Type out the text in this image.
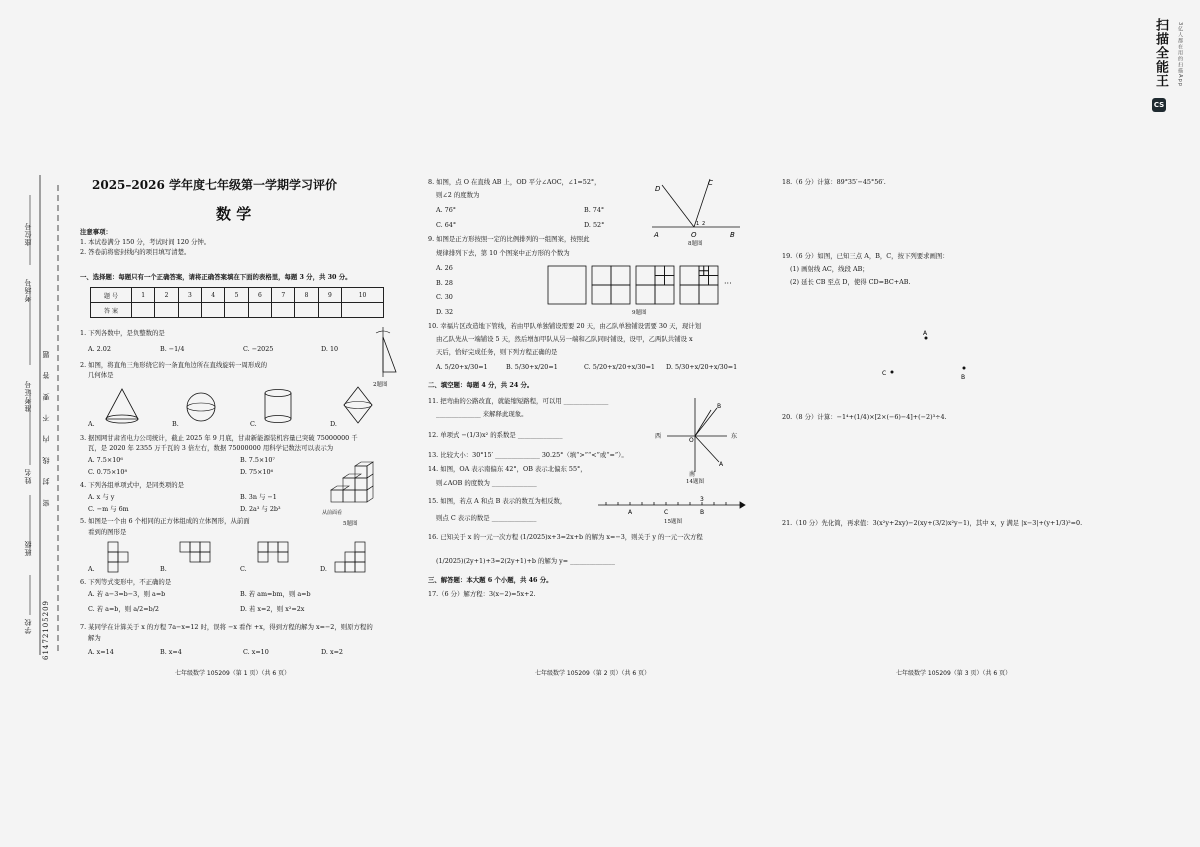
CS
扫描全能王 3亿人都在用的扫描App
座位号
考场号
准考证号
姓名
班级
学校
密 封 线 内 不 要 答 题
61472105209
2025–2026 学年度七年级第一学期学习评价
数 学
注意事项：
1. 本试卷满分 150 分，考试时间 120 分钟。
2. 答卷前将密封线内的项目填写清楚。
一、选择题：每题只有一个正确答案，请将正确答案填在下面的表格里，每题 3 分，共 30 分。
题 号	1	2	3	4	5	6	7	8	9	10
答 案										
1. 下列各数中，是负整数的是
A. 2.02	B. −1/4	C. −2025	D. 10
2. 如图，将直角三角形绕它的一条直角边所在直线旋转一周形成的
几何体是
2题图
A.	B.	C.	D.
3. 据国网甘肃省电力公司统计，截止 2025 年 9 月底，甘肃新能源装机容量已突破 75000000 千
瓦，是 2020 年 2355 万千瓦的 3 倍左右，数据 75000000 用科学记数法可以表示为
A. 7.5×10⁶	B. 7.5×10⁷
C. 0.75×10⁸	D. 75×10⁶
4. 下列各组单项式中，是同类项的是
A. x 与 y	B. 3n 与 −1
C. −m 与 6m	D. 2a³ 与 2b³	从前面看
5题图
5. 如图是一个由 6 个相同的正方体组成的立体图形，从前面
看到的图形是
A.	B.	C.	D.
6. 下列等式变形中，不正确的是
A. 若 a−3=b−3，则 a=b	B. 若 am=bm，则 a=b
C. 若 a=b，则 a/2=b/2	D. 若 x=2，则 x²=2x
7. 某同学在计算关于 x 的方程 7a−x=12 时，误将 −x 看作 +x，得到方程的解为 x=−2，则原方程的
解为
A. x=14	B. x=4	C. x=10	D. x=2
七年级数学 105209（第 1 页）（共 6 页）
8. 如图，点 O 在直线 AB 上，OD 平分∠AOC，∠1=52°，
则∠2 的度数为
A. 76°	B. 74°
C. 64°	D. 52°
D
C
A	O	B
1 2
8题图
9. 如图是正方形按照一定的比例排列的一组图案，按照此
规律排列下去，第 10 个图案中正方形的个数为
A. 26
B. 28
C. 30
D. 32
···
9题图
10. 幸福片区改造地下管线，若由甲队单独铺设需要 20 天，由乙队单独铺设需要 30 天，现计划
由乙队先从一端铺设 5 天，然后增加甲队从另一端和乙队同时铺设，设甲，乙两队共铺设 x
天后，恰好完成任务，则下列方程正确的是
A. 5/20+x/30=1	B. 5/30+x/20=1	C. 5/20+x/20+x/30=1 D. 5/30+x/20+x/30=1
二、填空题：每题 4 分，共 24 分。
11. 把弯曲的公路改直，就能缩短路程，可以用 ______________
______________ 来解释此现象。
12. 单项式 −(1/3)x² 的系数是 ______________
13. 比较大小：30°15′ ______________ 30.25°（填“>”“<”或“=”）。
14. 如图，OA 表示南偏东 42°，OB 表示北偏东 55°，
则∠AOB 的度数为 ______________
B
西
O
东
A
南
14题图
15. 如图，若点 A 和点 B 表示的数互为相反数，
则点 C 表示的数是 ______________
A	C	B
3
15题图
16. 已知关于 x 的一元一次方程 (1/2025)x+3=2x+b 的解为 x=−3，则关于 y 的一元一次方程
(1/2025)(2y+1)+3=2(2y+1)+b 的解为 y= ______________
三、解答题：本大题 6 个小题，共 46 分。
17.（6 分）解方程：3(x−2)=5x+2.
七年级数学 105209（第 2 页）（共 6 页）
18.（6 分）计算：89°35′−45°56′.
19.（6 分）如图，已知三点 A，B，C，按下列要求画图：
(1) 画射线 AC，线段 AB；
(2) 延长 CB 至点 D，使得 CD=BC+AB.
A
C
B
20.（8 分）计算：−1⁴+(1/4)×[2×(−6)−4]+(−2)³÷4.
21.（10 分）先化简，再求值：3(x²y+2xy)−2(xy+(3/2)x²y−1)，其中 x，y 满足 |x−3|+(y+1/3)²=0.
七年级数学 105209（第 3 页）（共 6 页）
